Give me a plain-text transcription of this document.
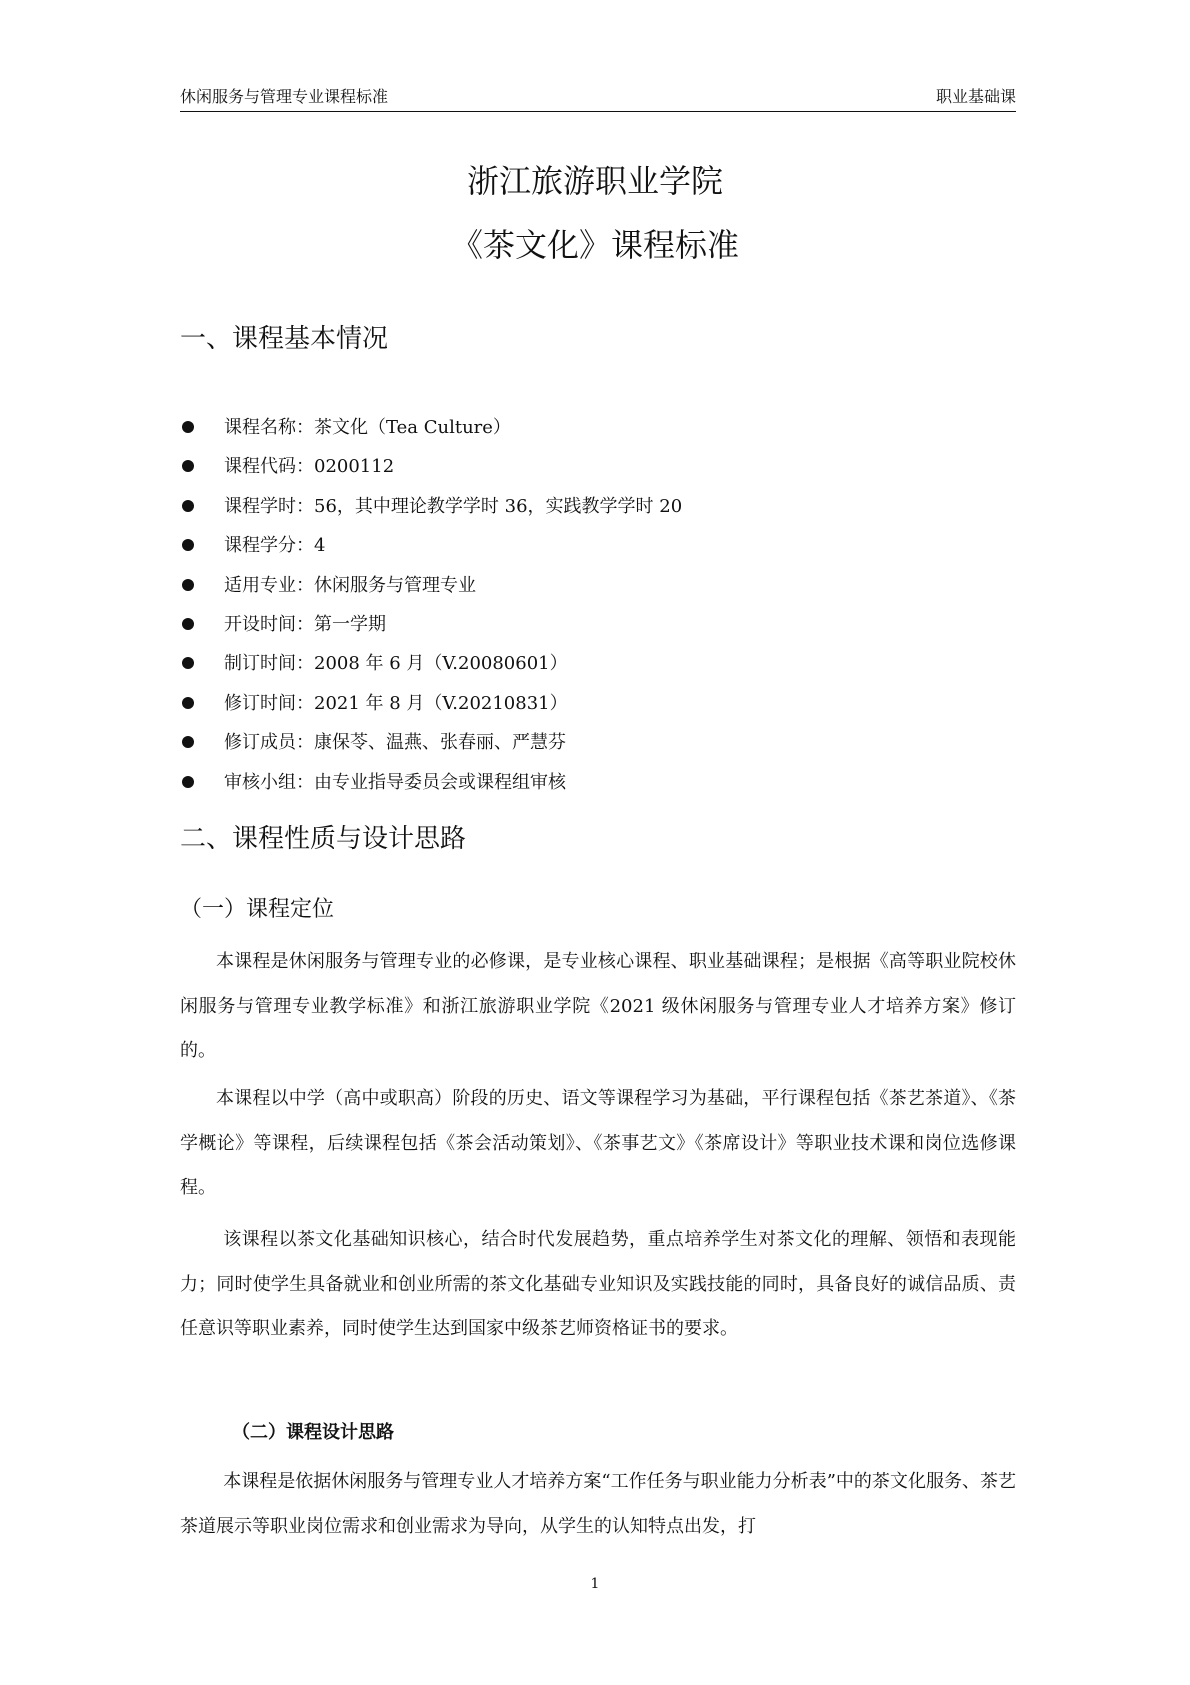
休闲服务与管理专业课程标准	职业基础课
浙江旅游职业学院
《茶文化》课程标准
一、课程基本情况
课程名称：茶文化（Tea Culture）
课程代码：0200112
课程学时：56，其中理论教学学时 36，实践教学学时 20
课程学分：4
适用专业：休闲服务与管理专业
开设时间：第一学期
制订时间：2008 年 6 月（V.20080601）
修订时间：2021 年 8 月（V.20210831）
修订成员：康保苓、温燕、张春丽、严慧芬
审核小组：由专业指导委员会或课程组审核
二、课程性质与设计思路
（一）课程定位

本课程是休闲服务与管理专业的必修课，是专业核心课程、职业基础课程；是根据《高等职业院校休闲服务与管理专业教学标准》和浙江旅游职业学院《2021 级休闲服务与管理专业人才培养方案》修订的。

本课程以中学（高中或职高）阶段的历史、语文等课程学习为基础，平行课程包括《茶艺茶道》、《茶学概论》等课程，后续课程包括《茶会活动策划》、《茶事艺文》《茶席设计》等职业技术课和岗位选修课程。

该课程以茶文化基础知识核心，结合时代发展趋势，重点培养学生对茶文化的理解、领悟和表现能力；同时使学生具备就业和创业所需的茶文化基础专业知识及实践技能的同时，具备良好的诚信品质、责任意识等职业素养，同时使学生达到国家中级茶艺师资格证书的要求。

（二）课程设计思路

本课程是依据休闲服务与管理专业人才培养方案“工作任务与职业能力分析表”中的茶文化服务、茶艺茶道展示等职业岗位需求和创业需求为导向，从学生的认知特点出发，打

1
